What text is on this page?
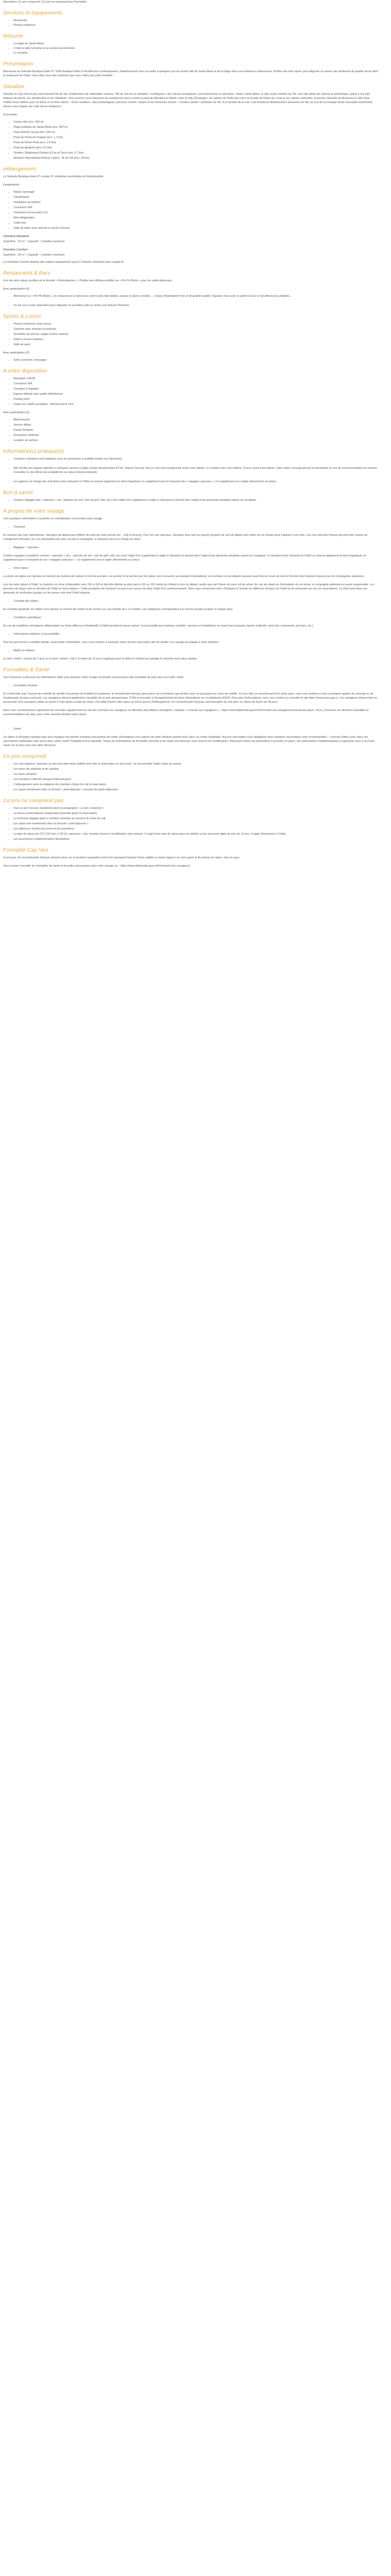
Description Ce prix comprend | Ce prix ne comprend pas Formalités

Services et équipements
• Restaurant
• Piscine extérieure
Résumé
• La plage de Santa Maria
• L'hôtel à taille humaine et au service personnalisé
• La situation
Présentation

Bienvenue au Sobrado Boutique Hotel 4* ! Petit boutique hôtel à l'architecture contemporaine, l'établissement vous accueille à quelques pas du centre-ville de Santa Maria et de la plage dans une ambiance chaleureuse. Profitez de votre séjour pour déguster la cuisine cap verdienne de qualité servie dans le restaurant de l'hôtel. Vous allez vivre des moments que vous n'êtes pas prêts d'oublier !

Situation

Direction le Cap-Vert et plus précisément l'île de Sal ! Entièrement de nationalités cultures, l'Île du Sal est un véritable « melting-pot » de cultures portugaises, sud-américaines et africaines. Visitez Santa Maria, la ville la plus animée de l'île, une ville pleine de charme et authentique, grâce à ses jolis bateaux de pêche, ses architecture et ses habitants. Vous pourrez aussi découvrir de nombreuses lieux comme la baie de Murdeira et Monte Leão, la ville d'Espargos, les salines de Pedra de Lume ou la baie de Pedra de Lume et ses salines naturelles, la piscine naturelle de Buracona et Olho Azul… Chilled aussi célèbre pour sa faune et sa flore marine : récifs coralliens, raies pastenagues, poissons clowns, requins et les fameuses tortues - Caretta-Caretta ! symboles de l'île. A la tombée de la nuit, vous tomberez définitivement amoureux de l'île, au son de la musique locale sensuelle entraînante, laissez-vous happer par cette douce ambiance !

A proximité :

• Centre-ville (env. 200 m)
• Plage publique de Santa Maria (env. 400 m)
• Praia António Sousa (env. 650 m)
• Praia de Ponta de Fragata (env. 1,7 km)
• Praia de Ponta Preta (env. 2,8 km)
• Praia de Igrejinha (env. 2,5 km)
• Tenders, Bodyboard Garden & Zoo of Terra (env. 2,7 km)
• Aéroport International Amílcar Cabral - Île de Sal (env. 18 km)
Hébergement

Le Sobrado Boutique Hotel 4* compte 51 chambres confortables et fonctionnelles.

Equipements :

• Balcon aménagé
• Climatisation
• Ventilateur de plafond
• Connexion Wifi
• Télévision à écran plat LCD
• Mini-réfrigérateur
• Coffre-fort
• Salle de bains avec douche et sèche-cheveux
Chambre Standard

Superficie : 25 m² - Capacité : 2 adultes maximum

Chambre Comfort

Superficie : 28 m² - Capacité : 3 adultes maximum

La Chambre Comfort dispose des mêmes équipements que la Chambre Standard avec canapé-lit.

Restaurants & Bars

Lors de votre séjour, profitez de la formule « Petit-déjeuner ». Profitez des délicieux buffets au « Piri Piri Bistro » pour les petits-déjeuners.

Avec participation (€) :

• Bienvenue au « Piri Piri Bistro », le restaurant à la carte vous servira des plats italiens, pizzas et autres recettes… à base d'ingrédients frais et de grande qualité. Rajoutez nous avec la pêche du jour et de délicieuses grillades…
• Un bar est à votre disposition pour déguster un excellent café ou siroter une boisson Premium.
Sports & Loisirs
• Piscine extérieure d'eau douce
• Solarium avec transats et parasols
• Serviettes de piscine / plage (contre caution)
• Salon à niveau extérieur
• Salle de sport

Avec participation (€) :

• Soins corporels, massages
A votre disposition
• Réception 24h/24
• Connexion Wifi
• Consigne à bagages
• Espace détente avec petite bibliothèque
• Parking privé
• Cartes de crédits acceptées : MasterCard & Visa

Avec participation (€) :

• Blanchisserie
• Service affaire
• Garde d'enfants
• Assistance médicale
• Location de voitures
Information(s) pratique(s)
• Certaines chambres sont adaptées pour les personnes à mobilité réduite (sur demande).
• Afin d'éviter les longues attentes à l'aéroport, pensez à régler la taxe aéroportuaire ETSA - Airport Security Tax) en vous pré-enregistrant avant votre départ. Un numéro vous sera délivré, 5 jours avant votre départ. Votre séjour sera garanti par le prestataire en cas de non-présentation du numéro. Consultez le site officiel de la plateforme sur place (email protected).
• Les galeries en charge des transferts entre l'aéroport et l'hôtel se réserve également le droit d'appliquer un supplément pour le transport des « bagages spéciaux ». Ce supplément est à régler directement sur place.
Bon à savoir
• Certains bagages dits « spéciaux » (ex : planche de surf, club de golf, vélo, etc.) font l'objet d'un supplément à régler à l'aéroport et doivent faire l'objet d'une demande préalable auprès du voyagiste.
A propos de votre voyage

Voici quelques informations à prendre en considération concernant votre voyage.

• Transport :

En fonction des vols sélectionnés, l'aéroport de départ peut différer de celui de votre arrivée (ex. : Orly et Roissy). Pour les vols spéciaux, l'aéroport ainsi que les grands groupes de vols de départ tous reliés ont un horaire peut s'ajouter à vos frais. Les vols réservés d'heure peuvent être soumis au changement d'horaire. En cas d'annulation de votre vol par la compagnie, le transport sera à la charge du client.

• Bagages + spéciaux :

Certains bagages considérés comme « spéciaux » (ex. : planche de surf, club de golf, vélo, etc.) font l'objet d'un supplément à régler à l'aéroport et doivent faire l'objet d'une demande préalable auprès du voyagiste. Le transfert entre l'aéroport et l'hôtel se réserve également le droit d'appliquer un supplément pour le transport de ces « bagages spéciaux ». Ce supplément sera à régler directement sur place.

• Votre séjour :

La durée du séjour est calculée en fonction du nombre de nuitées et non de journées. Le premier et le dernier jour du séjour sont consacrés au transport international. Les arrivées ou les départs peuvent avoir lieu en cours de nuit en fonction des horaires imposés par les compagnies aériennes.

Lors de votre séjour à l'hôtel, la chambre est mise à disposition vers 15h à 16h et doit être libérée au plus tard à 11h ou 12h (selon les hôtels) le jour du départ, quelle que soit l'heure de votre vol de retour. En cas de retard ou d'annulation du vol retour, la compagnie aérienne est seule responsable. Les pensions de repas sont en fonction de l'hôtel en tout compris « Cette prestation de transport ne pourra en aucun cas faire l'objet d'un remboursement. Nous vous remercions donc d'indiquer à l'arrivée les différents horaires de l'hôtel et du restaurant lors de vos réservations. Le client peut faire une demande de vérification groupe sur les autres vols dont l'hôtel dispose.

• Conduite des hôtels :

En conduite générale, les hôtels sont classés en termes de confort et de service sur une échelle de 1 à 5 étoiles, ces catégories correspondent aux normes locales propres à chaque pays.

• Conditions spécifiques :

En cas de conditions climatiques défavorables ou d'une affluence inhabituelle à l'hôtel pendant la basse saison, il est possible que certaines activités, services et installations ne soient pas proposés (sports collectifs, mini-club, restaurants, piscines, etc.).

• Informations relatives à l'accessibilité :

Pour les personnes à mobilité réduite, avant toute confirmation, vous nous invitons à contacter notre service réservation afin de vérifier si le voyage est adapté à votre situation.

• Bébés et enfants :

Le tarif « bébé » (moins de 2 ans) ou le tarif « enfant » (de 2 à moins de 12 ans) s'applique pour le bébé ou l'enfant qui partage la chambre avec deux adultes.

Formalités & Santé

Vous trouverez ci-dessous les informations utiles pour préparer votre voyage et prendre connaissance des actualités du pays que vous allez visiter.

• Formalités d'entrée :

En conformité avec l'accord de contrôle de l'arrêté d'ouverture de frontière Européenne, le ressortissant français peut entrer sur le territoire cap-verdien avec un passeport en cours de validité. Si vous êtes un ressortissant d'un autre pays, nous vous invitons à vous renseigner auprès du consulat ou de l'ambassade du pays concerné. Les voyageurs doivent également s'acquitter de la taxe aéroportuaire (TSA) et procéder à l'enregistrement de leurs informations sur la plateforme EASE. Pour plus d'informations, nous vous invitons à consulter le site https://www.ease.gov.cv. Les voyageurs doivent être en possession d'un passeport valide au moins 6 mois après la date de retour, d'un billet d'avion aller-retour et d'une preuve d'hébergement. Les ressortissants français sont exemptés de visa pour un séjour de moins de 30 jours.

Nous vous recommandons également de consulter régulièrement le site des Conseils aux voyageurs du Ministère des Affaires étrangères, rubrique « Conseils aux voyageurs » : https://www.diplomatie.gouv.fr/fr/conseils-aux-voyageurs/conseils-par-pays/. Vous y trouverez les dernières actualités et recommandations du pays, pour votre sécurité pendant votre séjour.

• Santé :

Un séjour à l'étranger implique pour tout voyageur de prendre certaines précautions de santé. Renseignez-vous auprès de votre médecin traitant et/ou dans un centre hospitalier. Aucune vaccination n'est obligatoire mais certaines vaccinations sont recommandées : s'assurer d'être à jour dans ses vaccinations habituelles mais aussi dans celles contre l'hépatite A et la typhoïde. Toutes les informations de formalités d'entrée et de santé sont données sous réserve de modifications. Retrouvez toutes les précautions à prendre sur place, des informations complémentaires et apprenez tout ce qu'il faut savoir sur le pays que vous allez découvrir.

Ce prix comprend
• Les vols réguliers, spéciaux ou low-cost aller-retour (billets émis dès la réservation sur low-cost) : (à voir possible d'aller-retour au retour)
• Les taxes de solidarité et de carbone
• Les taxes aéroport
• Les transferts collectifs aéroport-hôtel-aéroport
• L'hébergement selon la catégorie de chambre choisie lors de la réservation
• Les repas mentionnés dans la formule « petit-déjeuner » incluant les petits-déjeuners
Ce prix ne comprend pas
• Tout ce qui n'est pas mentionné dans le paragraphe « Le prix comprend »
• Le bisous-avion/voiturier (uniquement possible après la réservation)
• La franchise bagage (quel si mention contraire au moment du choix du vol)
• Les repas non-mentionnés dans la formule « petit-déjeuner »
• Les dépenses d'ordre personnel et les pourboires
• La taxe de séjour de 275 CVE (env. 2,50 €) / personne / nuit, montant soumis à modification sans préavis. Il s'agit d'une taxe de séjour pour les adultes et par personne âgée de plus de 16 ans, à régler directement à l'hôtel.
• Les assurances complémentaires facultatives
Formalité Cap Vert

Il est aussi, les ressortissants français doivent entrer sur le territoire capverdien muni d'un passeport français d'une validité au moins égale à six mois après la fin prévue du séjour, dans le pays.

Vous pouvez consulter les formalités de santé et de police nécessaires pour votre voyage sur : https://www.diplomatie.gouv.fr/fr/conseils-aux-voyageurs/
